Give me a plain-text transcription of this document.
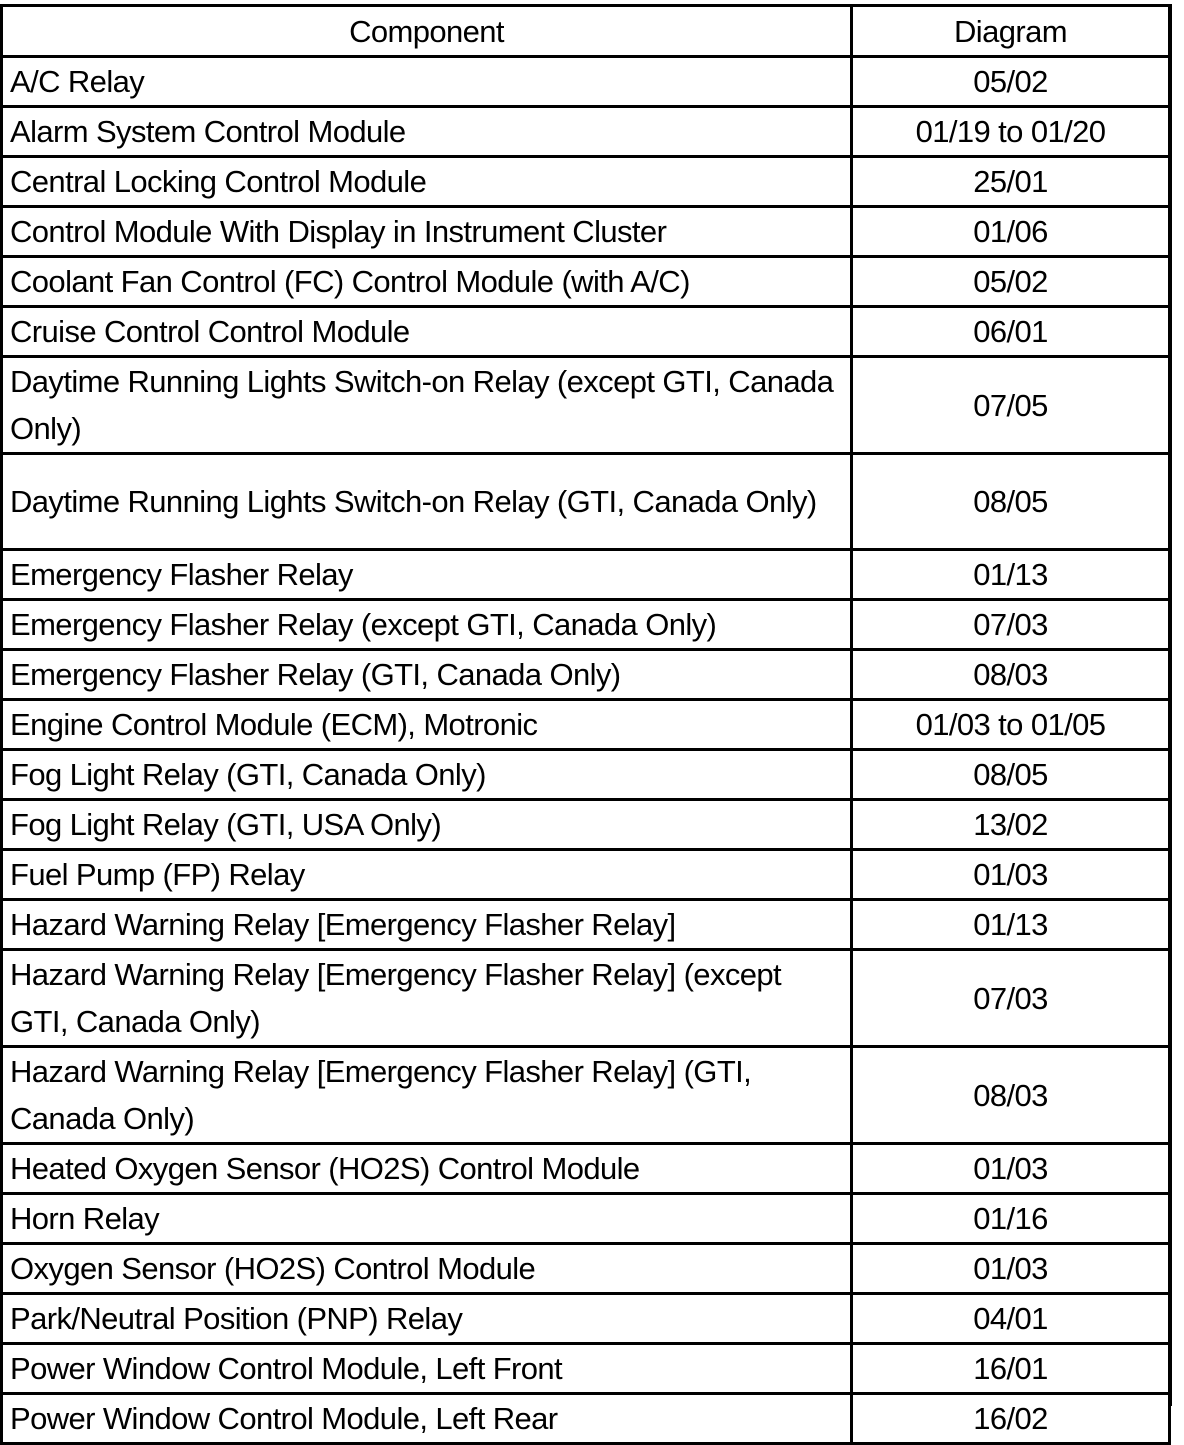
Component	Diagram
A/C Relay	05/02
Alarm System Control Module	01/19 to 01/20
Central Locking Control Module	25/01
Control Module With Display in Instrument Cluster	01/06
Coolant Fan Control (FC) Control Module (with A/C)	05/02
Cruise Control Control Module	06/01
Daytime Running Lights Switch-on Relay (except GTI, Canada Only)	07/05
Daytime Running Lights Switch-on Relay (GTI, Canada Only)	08/05
Emergency Flasher Relay	01/13
Emergency Flasher Relay (except GTI, Canada Only)	07/03
Emergency Flasher Relay (GTI, Canada Only)	08/03
Engine Control Module (ECM), Motronic	01/03 to 01/05
Fog Light Relay (GTI, Canada Only)	08/05
Fog Light Relay (GTI, USA Only)	13/02
Fuel Pump (FP) Relay	01/03
Hazard Warning Relay [Emergency Flasher Relay]	01/13
Hazard Warning Relay [Emergency Flasher Relay] (except GTI, Canada Only)	07/03
Hazard Warning Relay [Emergency Flasher Relay] (GTI, Canada Only)	08/03
Heated Oxygen Sensor (HO2S) Control Module	01/03
Horn Relay	01/16
Oxygen Sensor (HO2S) Control Module	01/03
Park/Neutral Position (PNP) Relay	04/01
Power Window Control Module, Left Front	16/01
Power Window Control Module, Left Rear	16/02
